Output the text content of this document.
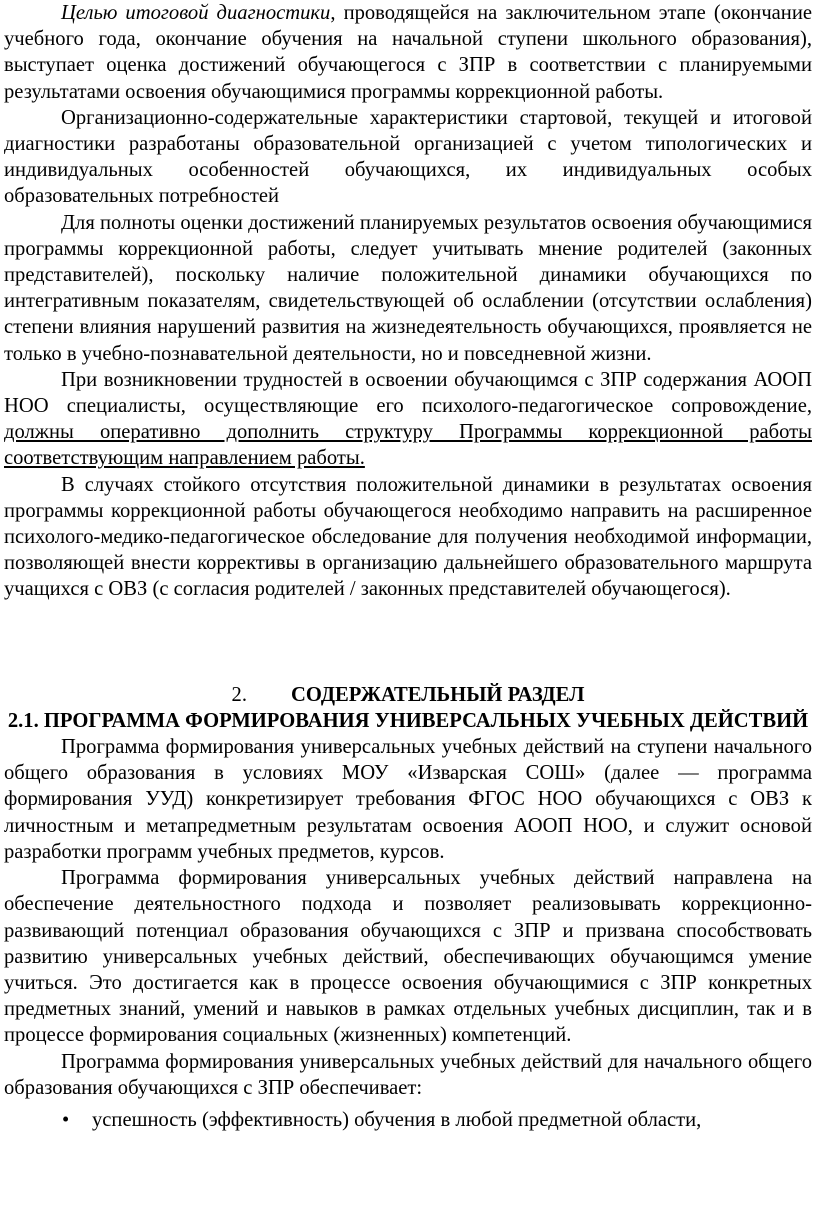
Целью итоговой диагностики, проводящейся на заключительном этапе (окончание учебного года, окончание обучения на начальной ступени школьного образования), выступает оценка достижений обучающегося с ЗПР в соответствии с планируемыми результатами освоения обучающимися программы коррекционной работы.

Организационно-содержательные характеристики стартовой, текущей и итоговой диагностики разработаны образовательной организацией с учетом типологических и индивидуальных особенностей обучающихся, их индивидуальных особых образовательных потребностей

Для полноты оценки достижений планируемых результатов освоения обучающимися программы коррекционной работы, следует учитывать мнение родителей (законных представителей), поскольку наличие положительной динамики обучающихся по интегративным показателям, свидетельствующей об ослаблении (отсутствии ослабления) степени влияния нарушений развития на жизнедеятельность обучающихся, проявляется не только в учебно-познавательной деятельности, но и повседневной жизни.

При возникновении трудностей в освоении обучающимся с ЗПР содержания АООП НОО специалисты, осуществляющие его психолого-педагогическое сопровождение, должны оперативно дополнить структуру Программы коррекционной работы соответствующим направлением работы.

В случаях стойкого отсутствия положительной динамики в результатах освоения программы коррекционной работы обучающегося необходимо направить на расширенное психолого-медико-педагогическое обследование для получения необходимой информации, позволяющей внести коррективы в организацию дальнейшего образовательного маршрута учащихся с ОВЗ (с согласия родителей / законных представителей обучающегося).

2. СОДЕРЖАТЕЛЬНЫЙ РАЗДЕЛ
2.1. ПРОГРАММА ФОРМИРОВАНИЯ УНИВЕРСАЛЬНЫХ УЧЕБНЫХ ДЕЙСТВИЙ

Программа формирования универсальных учебных действий на ступени начального общего образования в условиях МОУ «Изварская СОШ» (далее — программа формирования УУД) конкретизирует требования ФГОС НОО обучающихся с ОВЗ к личностным и метапредметным результатам освоения АООП НОО, и служит основой разработки программ учебных предметов, курсов.

Программа формирования универсальных учебных действий направлена на обеспечение деятельностного подхода и позволяет реализовывать коррекционно-развивающий потенциал образования обучающихся с ЗПР и призвана способствовать развитию универсальных учебных действий, обеспечивающих обучающимся умение учиться. Это достигается как в процессе освоения обучающимися с ЗПР конкретных предметных знаний, умений и навыков в рамках отдельных учебных дисциплин, так и в процессе формирования социальных (жизненных) компетенций.

Программа формирования универсальных учебных действий для начального общего образования обучающихся с ЗПР обеспечивает:

•	успешность (эффективность) обучения в любой предметной области,
